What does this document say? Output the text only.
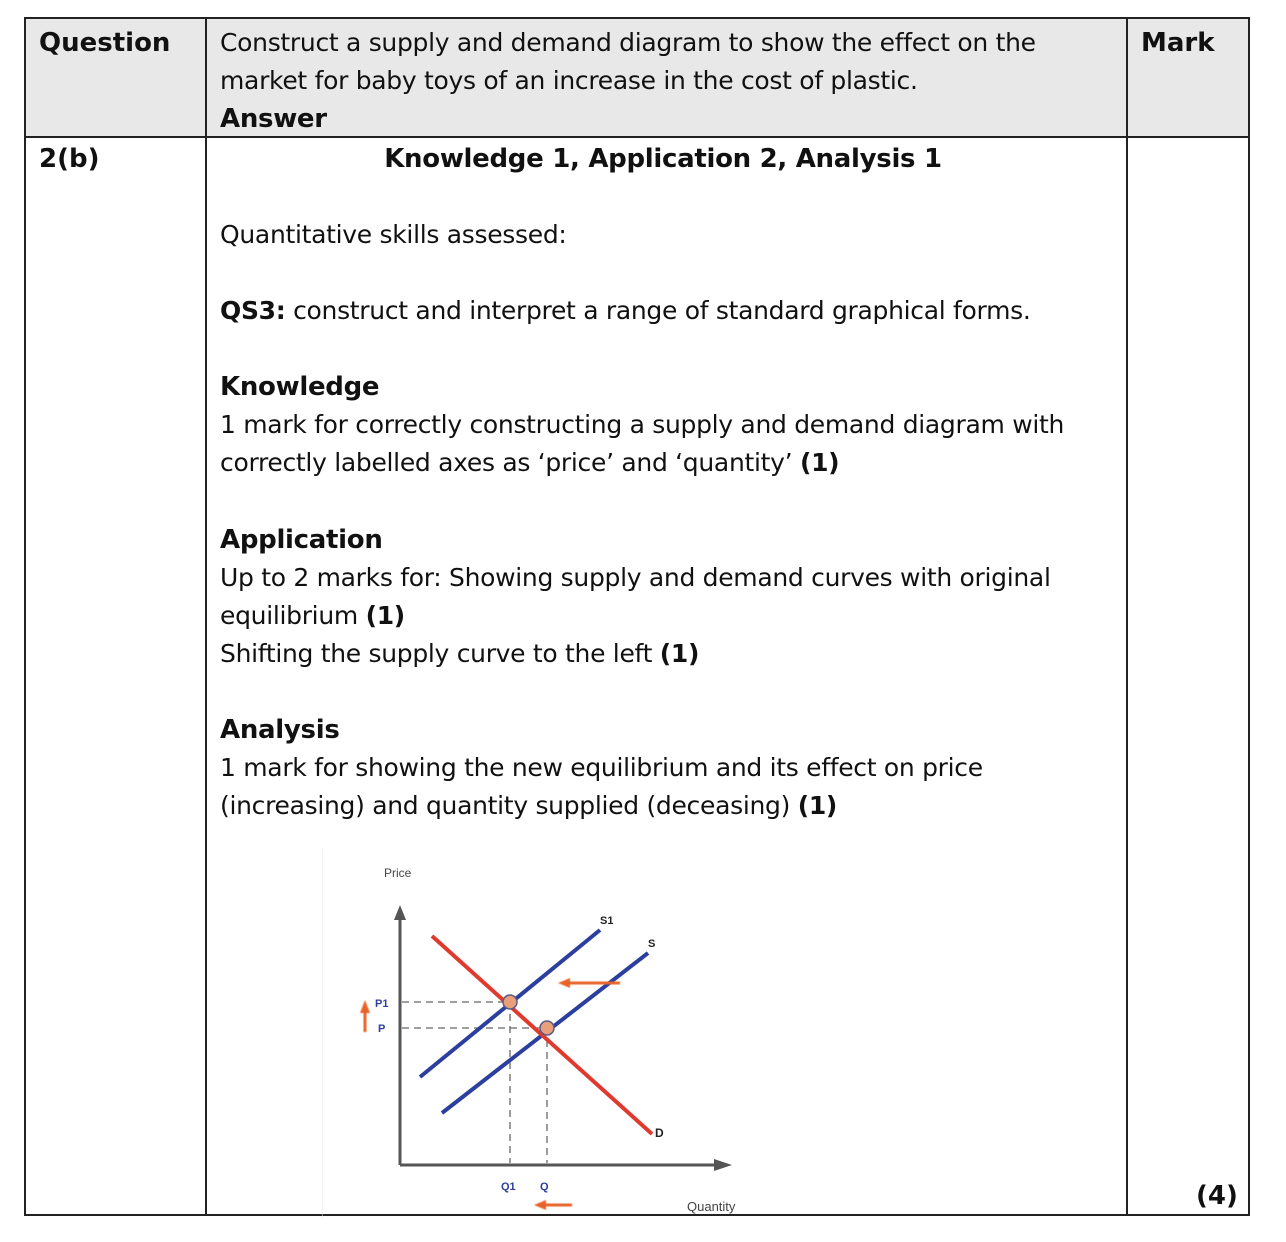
Question Construct a supply and demand diagram to show the effect on the market for baby toys of an increase in the cost of plastic.

Answer

Mark
2(b)	Knowledge 1, Application 2, Analysis 1

Quantitative skills assessed:

QS3: construct and interpret a range of standard graphical forms.

Knowledge

1 mark for correctly constructing a supply and demand diagram with correctly labelled axes as ‘price’ and ‘quantity’ (1)

Application

Up to 2 marks for: Showing supply and demand curves with original equilibrium (1)

Shifting the supply curve to the left (1)

Analysis

1 mark for showing the new equilibrium and its effect on price (increasing) and quantity supplied (deceasing) (1)

Price
Quantity
S1
S
D
P1
P
Q1 Q	(4)
